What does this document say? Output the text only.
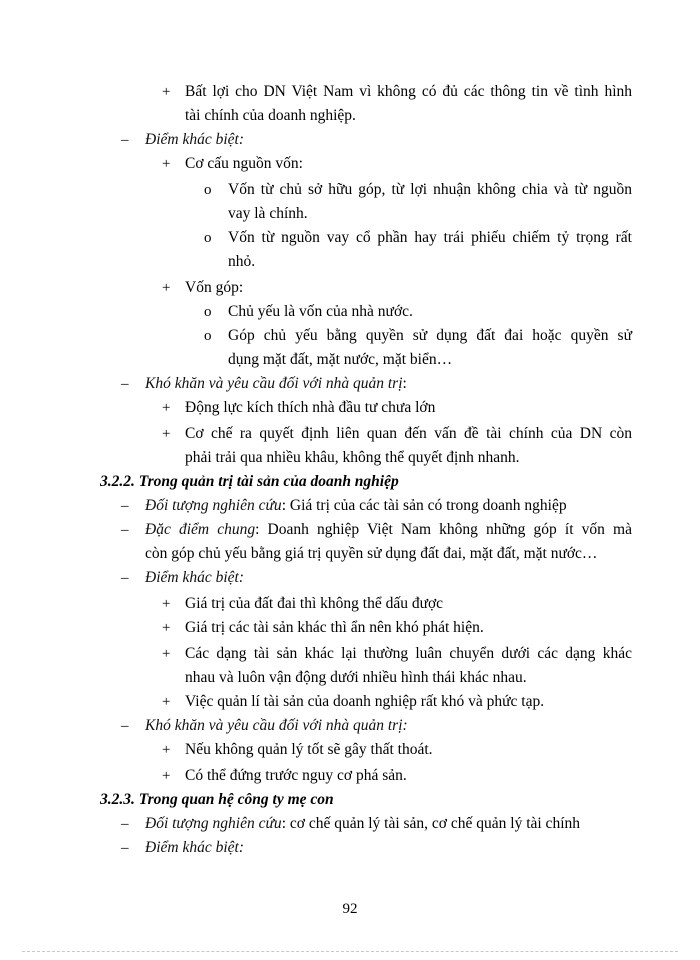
+ Bất lợi cho DN Việt Nam vì không có đủ các thông tin về tình hình
tài chính của doanh nghiệp.
– Điểm khác biệt:
+ Cơ cấu nguồn vốn:
o Vốn từ chủ sở hữu góp, từ lợi nhuận không chia và từ nguồn
vay là chính.
o Vốn từ nguồn vay cổ phần hay trái phiếu chiếm tỷ trọng rất
nhỏ.
+ Vốn góp:
o Chủ yếu là vốn của nhà nước.
o Góp chủ yếu bằng quyền sử dụng đất đai hoặc quyền sử
dụng mặt đất, mặt nước, mặt biển…
– Khó khăn và yêu cầu đối với nhà quản trị:
+ Động lực kích thích nhà đầu tư chưa lớn
+ Cơ chế ra quyết định liên quan đến vấn đề tài chính của DN còn
phải trải qua nhiều khâu, không thể quyết định nhanh.
3.2.2. Trong quản trị tài sản của doanh nghiệp
– Đối tượng nghiên cứu: Giá trị của các tài sản có trong doanh nghiệp
– Đặc điểm chung: Doanh nghiệp Việt Nam không những góp ít vốn mà
còn góp chủ yếu bằng giá trị quyền sử dụng đất đai, mặt đất, mặt nước…
– Điểm khác biệt:
+ Giá trị của đất đai thì không thể dấu được
+ Giá trị các tài sản khác thì ẩn nên khó phát hiện.
+ Các dạng tài sản khác lại thường luân chuyển dưới các dạng khác
nhau và luôn vận động dưới nhiều hình thái khác nhau.
+ Việc quản lí tài sản của doanh nghiệp rất khó và phức tạp.
– Khó khăn và yêu cầu đối với nhà quản trị:
+ Nếu không quản lý tốt sẽ gây thất thoát.
+ Có thể đứng trước nguy cơ phá sản.
3.2.3. Trong quan hệ công ty mẹ con
– Đối tượng nghiên cứu: cơ chế quản lý tài sản, cơ chế quản lý tài chính
– Điểm khác biệt:
92
